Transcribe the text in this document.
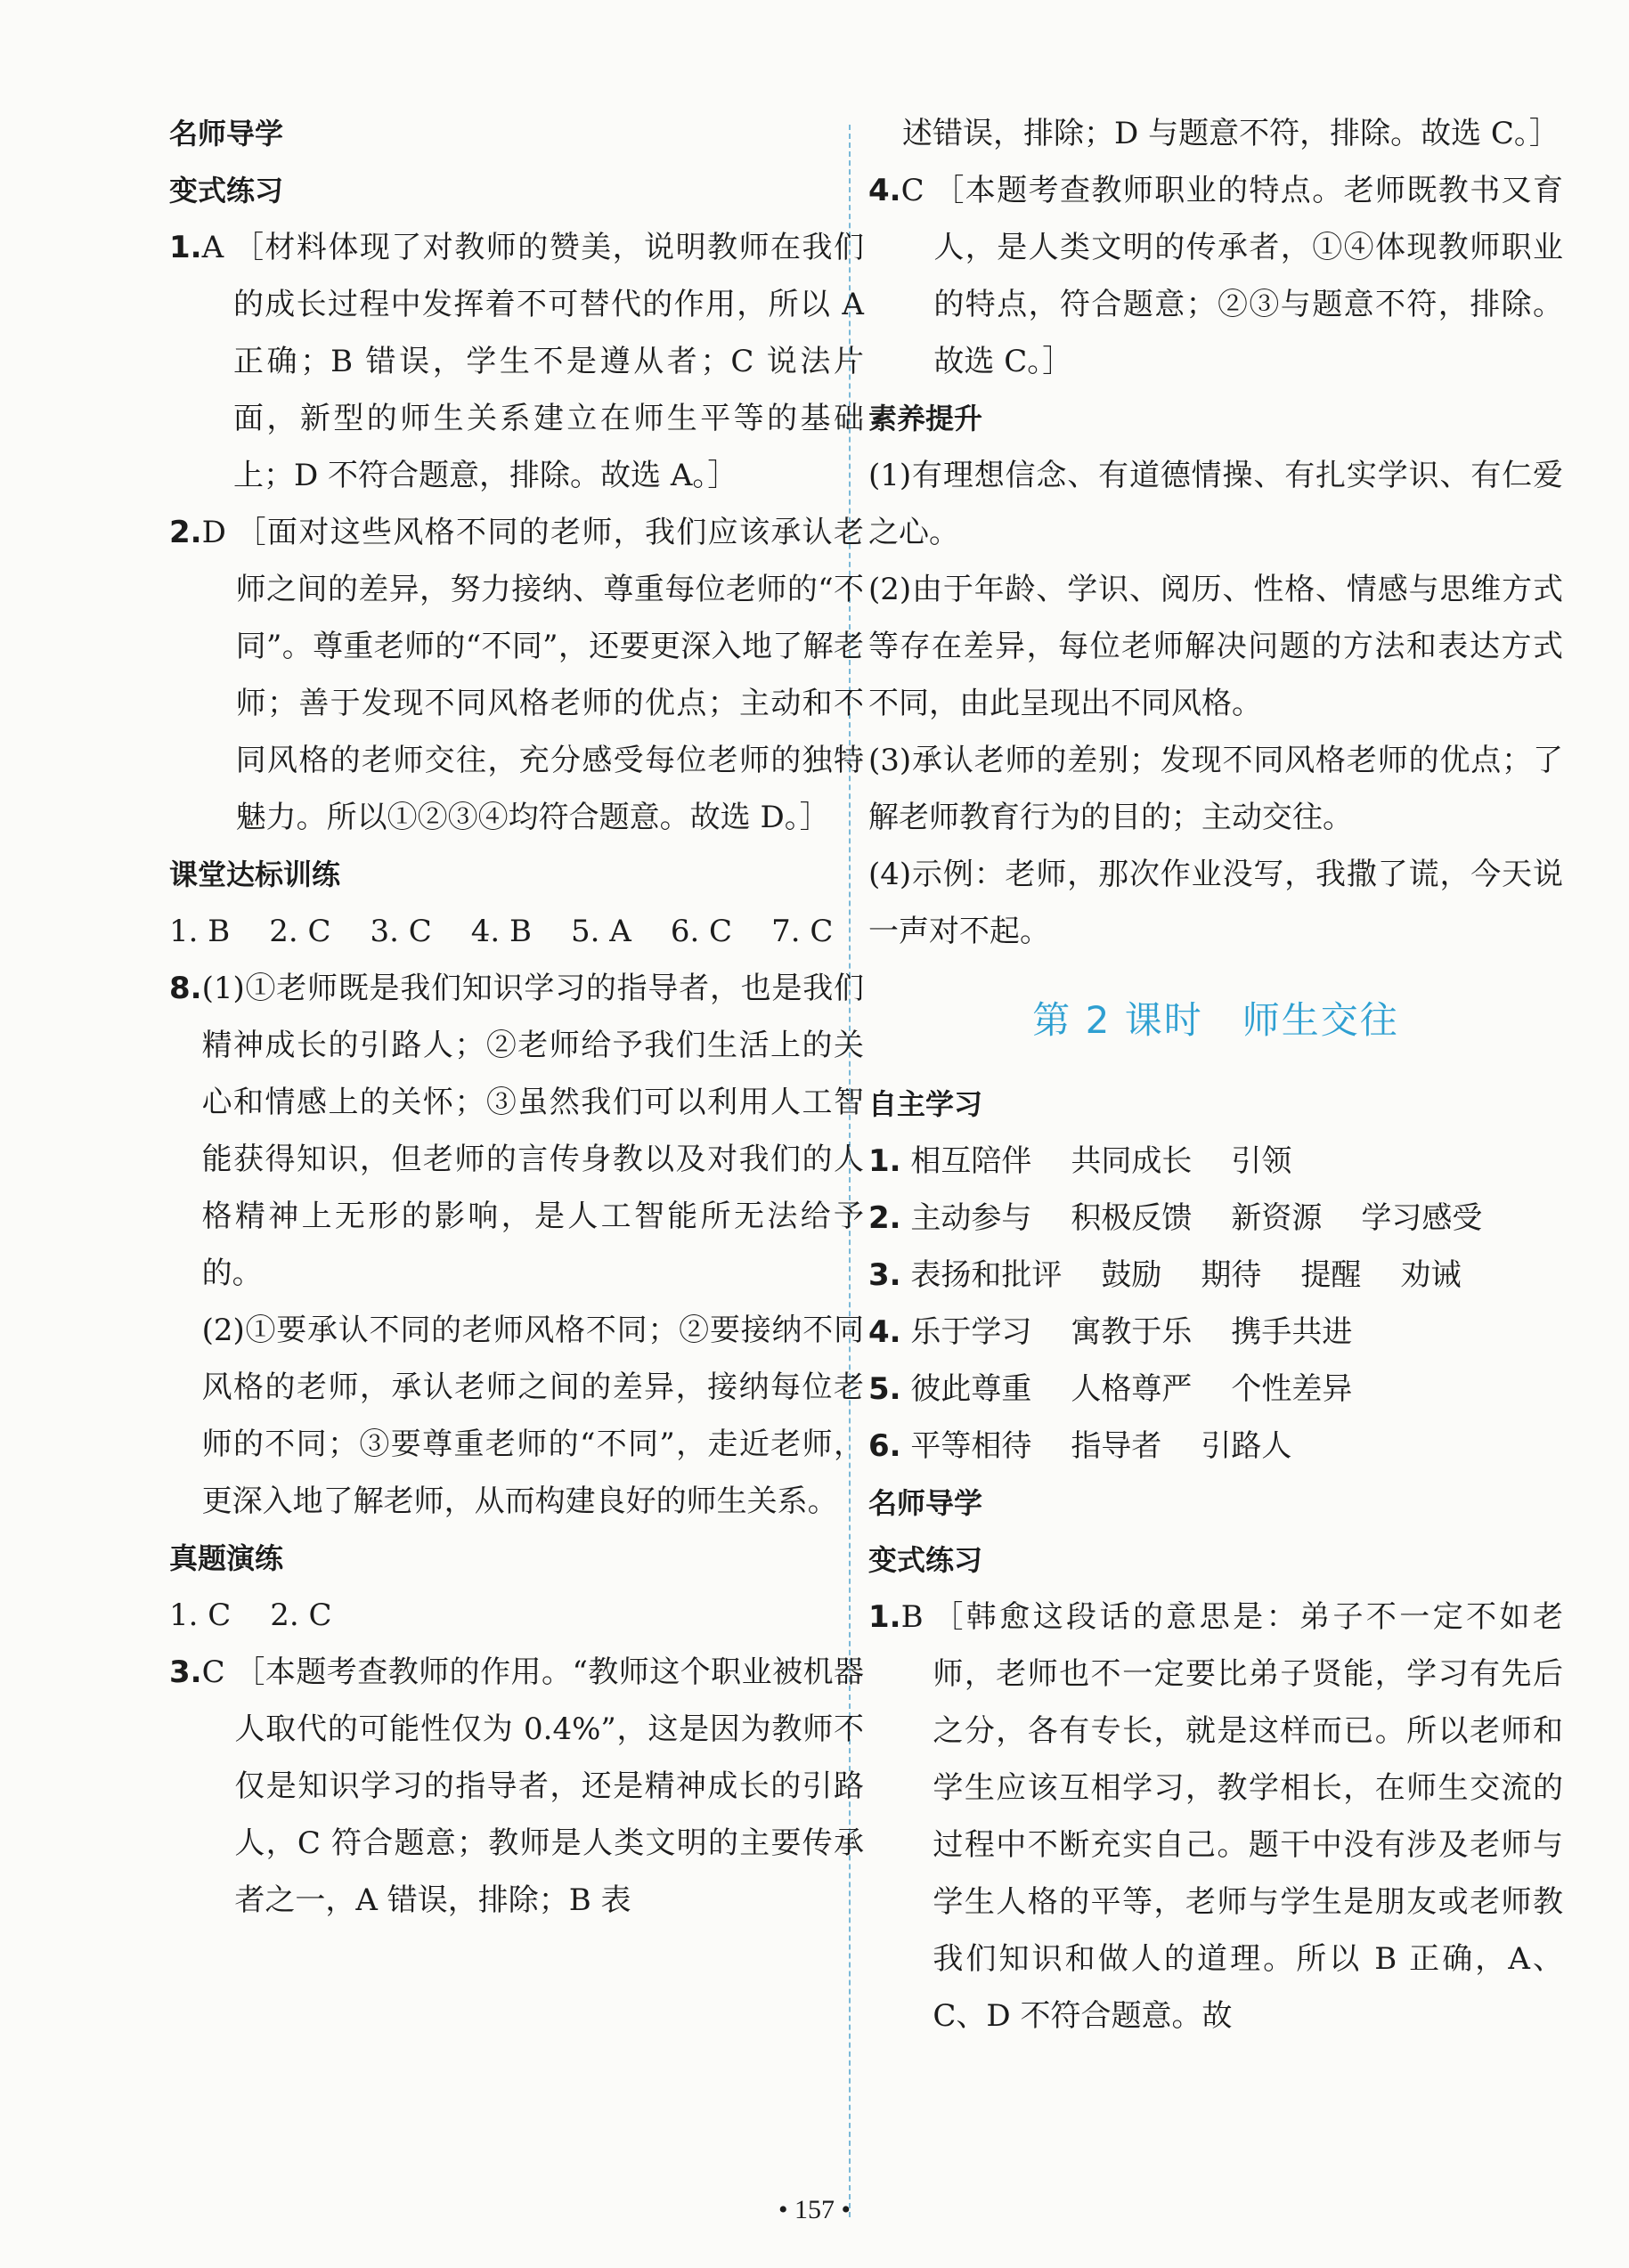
名师导学

变式练习

1. A ［材料体现了对教师的赞美，说明教师在我们的成长过程中发挥着不可替代的作用，所以 A 正确；B 错误，学生不是遵从者；C 说法片面，新型的师生关系建立在师生平等的基础上；D 不符合题意，排除。故选 A。］
2. D ［面对这些风格不同的老师，我们应该承认老师之间的差异，努力接纳、尊重每位老师的“不同”。尊重老师的“不同”，还要更深入地了解老师；善于发现不同风格老师的优点；主动和不同风格的老师交往，充分感受每位老师的独特魅力。所以①②③④均符合题意。故选 D。］

课堂达标训练

1. B 2. C 3. C 4. B 5. A 6. C 7. C
8. (1)①老师既是我们知识学习的指导者，也是我们精神成长的引路人；②老师给予我们生活上的关心和情感上的关怀；③虽然我们可以利用人工智能获得知识，但老师的言传身教以及对我们的人格精神上无形的影响，是人工智能所无法给予的。
(2)①要承认不同的老师风格不同；②要接纳不同风格的老师，承认老师之间的差异，接纳每位老师的不同；③要尊重老师的“不同”，走近老师，更深入地了解老师，从而构建良好的师生关系。

真题演练

1. C 2. C
3. C ［本题考查教师的作用。“教师这个职业被机器人取代的可能性仅为 0.4%”，这是因为教师不仅是知识学习的指导者，还是精神成长的引路人，C 符合题意；教师是人类文明的主要传承者之一，A 错误，排除；B 表

述错误，排除；D 与题意不符，排除。故选 C。］

4. C ［本题考查教师职业的特点。老师既教书又育人，是人类文明的传承者，①④体现教师职业的特点，符合题意；②③与题意不符，排除。故选 C。］

素养提升

(1)有理想信念、有道德情操、有扎实学识、有仁爱之心。

(2)由于年龄、学识、阅历、性格、情感与思维方式等存在差异，每位老师解决问题的方法和表达方式不同，由此呈现出不同风格。

(3)承认老师的差别；发现不同风格老师的优点；了解老师教育行为的目的；主动交往。

(4)示例：老师，那次作业没写，我撒了谎，今天说一声对不起。

第 2 课时　师生交往

自主学习

1. 相互陪伴 共同成长 引领
2. 主动参与 积极反馈 新资源 学习感受
3. 表扬和批评 鼓励 期待 提醒 劝诫
4. 乐于学习 寓教于乐 携手共进
5. 彼此尊重 人格尊严 个性差异
6. 平等相待 指导者 引路人

名师导学

变式练习

1. B ［韩愈这段话的意思是：弟子不一定不如老师，老师也不一定要比弟子贤能，学习有先后之分，各有专长，就是这样而已。所以老师和学生应该互相学习，教学相长，在师生交流的过程中不断充实自己。题干中没有涉及老师与学生人格的平等，老师与学生是朋友或老师教我们知识和做人的道理。所以 B 正确，A、C、D 不符合题意。故
• 157 •
